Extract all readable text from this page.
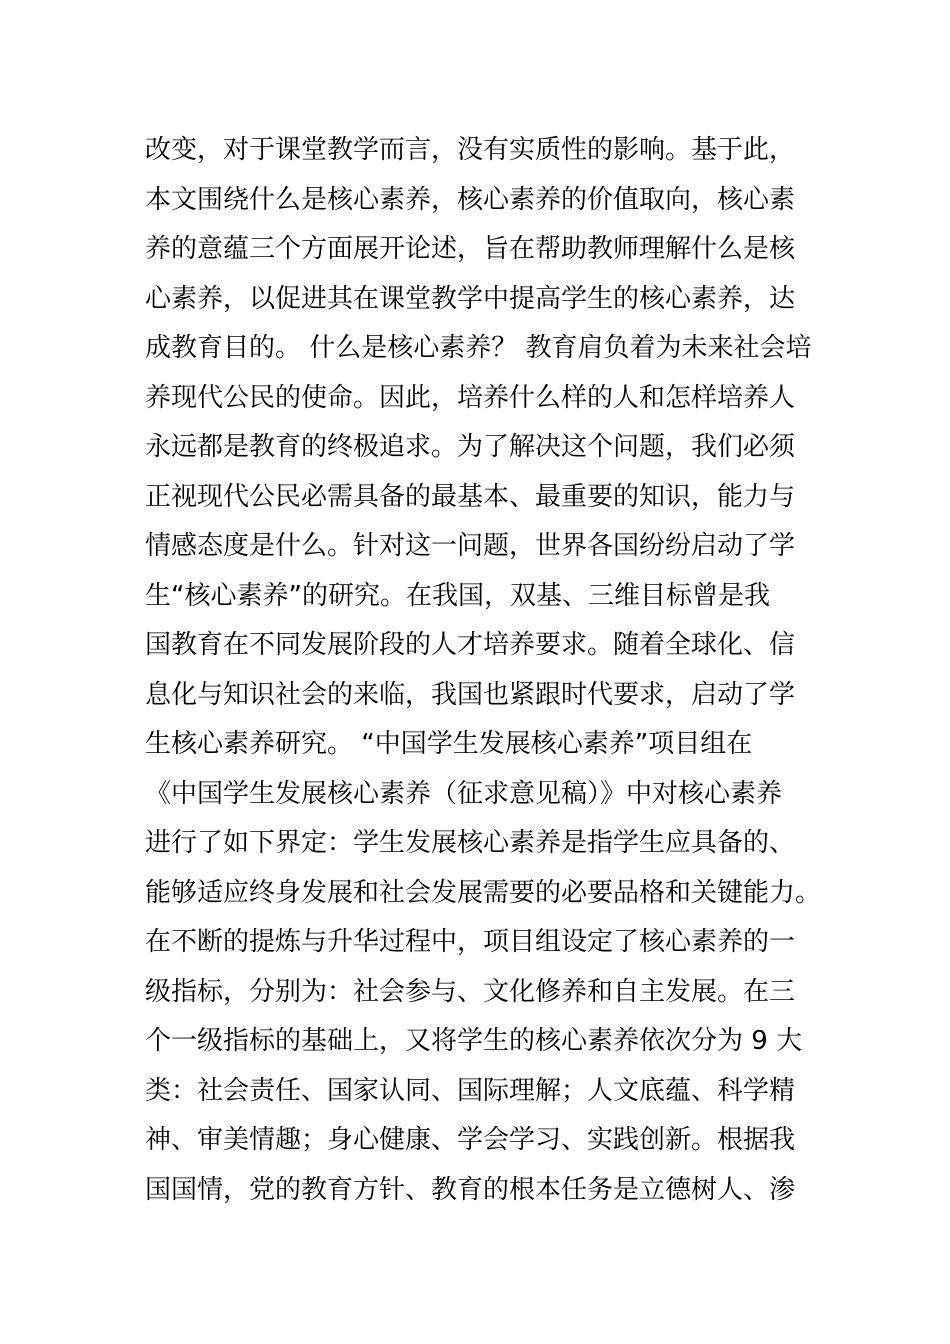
改变，对于课堂教学而言，没有实质性的影响。基于此，
本文围绕什么是核心素养，核心素养的价值取向，核心素
养的意蕴三个方面展开论述，旨在帮助教师理解什么是核
心素养，以促进其在课堂教学中提高学生的核心素养，达
成教育目的。 什么是核心素养？ 教育肩负着为未来社会培
养现代公民的使命。因此，培养什么样的人和怎样培养人
永远都是教育的终极追求。为了解决这个问题，我们必须
正视现代公民必需具备的最基本、最重要的知识，能力与
情感态度是什么。针对这一问题，世界各国纷纷启动了学
生“核心素养”的研究。在我国，双基、三维目标曾是我
国教育在不同发展阶段的人才培养要求。随着全球化、信
息化与知识社会的来临，我国也紧跟时代要求，启动了学
生核心素养研究。 “中国学生发展核心素养”项目组在
《中国学生发展核心素养（征求意见稿）》中对核心素养
进行了如下界定：学生发展核心素养是指学生应具备的、
能够适应终身发展和社会发展需要的必要品格和关键能力。
在不断的提炼与升华过程中，项目组设定了核心素养的一
级指标，分别为：社会参与、文化修养和自主发展。在三
个一级指标的基础上，又将学生的核心素养依次分为 9 大
类：社会责任、国家认同、国际理解；人文底蕴、科学精
神、审美情趣；身心健康、学会学习、实践创新。根据我
国国情，党的教育方针、教育的根本任务是立德树人、渗
